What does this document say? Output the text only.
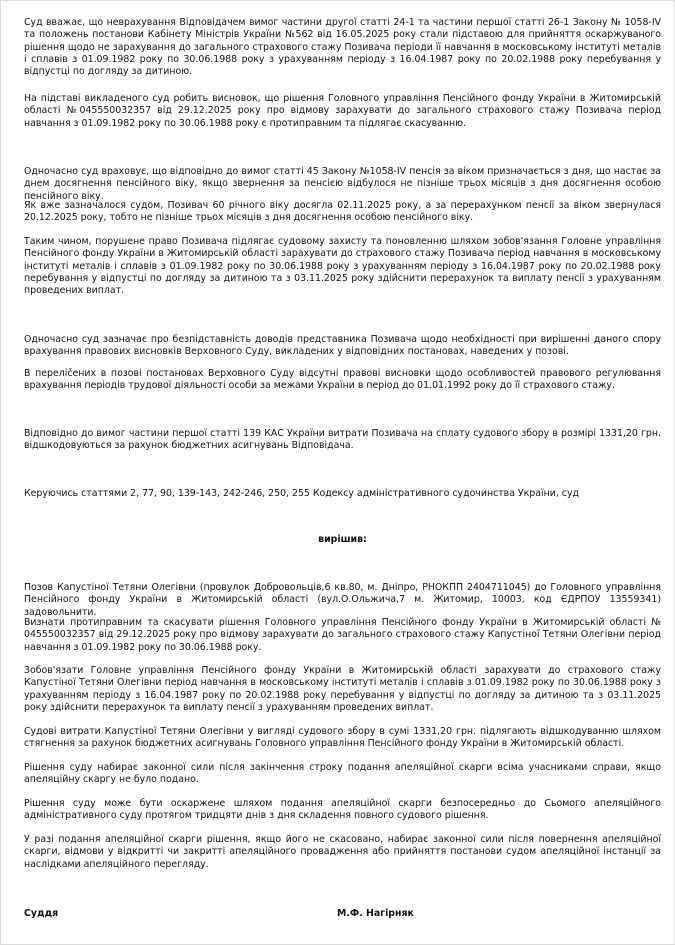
Суд вважає, що неврахування Відповідачем вимог частини другої статті 24-1 та частини першої статті 26-1 Закону № 1058-IV та положень постанови Кабінету Міністрів України №562 від 16.05.2025 року стали підставою для прийняття оскаржуваного рішення щодо не зарахування до загального страхового стажу Позивача періоди її навчання в московському інституті металів і сплавів з 01.09.1982 року по 30.06.1988 року з урахуванням періоду з 16.04.1987 року по 20.02.1988 року перебування у відпустці по догляду за дитиною.

На підставі викладеного суд робить висновок, що рішення Головного управління Пенсійного фонду України в Житомирській області №045550032357 від 29.12.2025 року про відмову зарахувати до загального страхового стажу Позивача період навчання з 01.09.1982 року по 30.06.1988 року є протиправним та підлягає скасуванню.

Одночасно суд враховує, що відповідно до вимог статті 45 Закону №1058-IV пенсія за віком призначається з дня, що настає за днем досягнення пенсійного віку, якщо звернення за пенсією відбулося не пізніше трьох місяців з дня досягнення особою пенсійного віку.

Як вже зазначалося судом, Позивач 60 річного віку досягла 02.11.2025 року, а за перерахунком пенсії за віком звернулася 20.12.2025 року, тобто не пізніше трьох місяців з дня досягнення особою пенсійного віку.

Таким чином, порушене право Позивача підлягає судовому захисту та поновленню шляхом зобов'язання Головне управління Пенсійного фонду України в Житомирській області зарахувати до страхового стажу Позивача період навчання в московському інституті металів і сплавів з 01.09.1982 року по 30.06.1988 року з урахуванням періоду з 16.04.1987 року по 20.02.1988 року перебування у відпустці по догляду за дитиною та з 03.11.2025 року здійснити перерахунок та виплату пенсії з урахуванням проведених виплат.

Одночасно суд зазначає про безпідставність доводів представника Позивача щодо необхідності при вирішенні даного спору врахування правових висновків Верховного Суду, викладених у відповідних постановах, наведених у позові.

В переліčених в позові постановах Верховного Суду відсутні правові висновки щодо особливостей правового регулювання врахування періодів трудової діяльності особи за межами України в період до 01.01.1992 року до її страхового стажу.

Відповідно до вимог частини першої статті 139 КАС України витрати Позивача на сплату судового збору в розмірі 1331,20 грн. відшкодовуються за рахунок бюджетних асигнувань Відповідача.

Керуючись статтями 2, 77, 90, 139-143, 242-246, 250, 255 Кодексу адміністративного судочинства України, суд

вирішив:

Позов Капустіної Тетяни Олегівни (провулок Добровольців,6 кв.80, м. Дніпро, РНОКПП 2404711045) до Головного управління Пенсійного фонду України в Житомирській області (вул.О.Ольжича,7 м. Житомир, 10003, код ЄДРПОУ 13559341) задовольнити.

Визнати протиправним та скасувати рішення Головного управління Пенсійного фонду України в Житомирській області № 045550032357 від 29.12.2025 року про відмову зарахувати до загального страхового стажу Капустіної Тетяни Олегівни період навчання з 01.09.1982 року по 30.06.1988 року.

Зобов'язати Головне управління Пенсійного фонду України в Житомирській області зарахувати до страхового стажу Капустіної Тетяни Олегівни період навчання в московському інституті металів і сплавів з 01.09.1982 року по 30.06.1988 року з урахуванням періоду з 16.04.1987 року по 20.02.1988 року перебування у відпустці по догляду за дитиною та з 03.11.2025 року здійснити перерахунок та виплату пенсії з урахуванням проведених виплат.

Судові витрати Капустіної Тетяни Олегівни у вигляді судового збору в сумі 1331,20 грн. підлягають відшкодуванню шляхом стягнення за рахунок бюджетних асигнувань Головного управління Пенсійного фонду України в Житомирській області.

Рішення суду набирає законної сили після закінчення строку подання апеляційної скарги всіма учасниками справи, якщо апеляційну скаргу не було подано.

Рішення суду може бути оскаржене шляхом подання апеляційної скарги безпосередньо до Сьомого апеляційного адміністративного суду протягом тридцяти днів з дня складення повного судового рішення.

У разі подання апеляційної скарги рішення, якщо його не скасовано, набирає законної сили після повернення апеляційної скарги, відмови у відкритті чи закритті апеляційного провадження або прийняття постанови судом апеляційної інстанції за наслідками апеляційного перегляду.

Суддя	М.Ф. Нагірняк
